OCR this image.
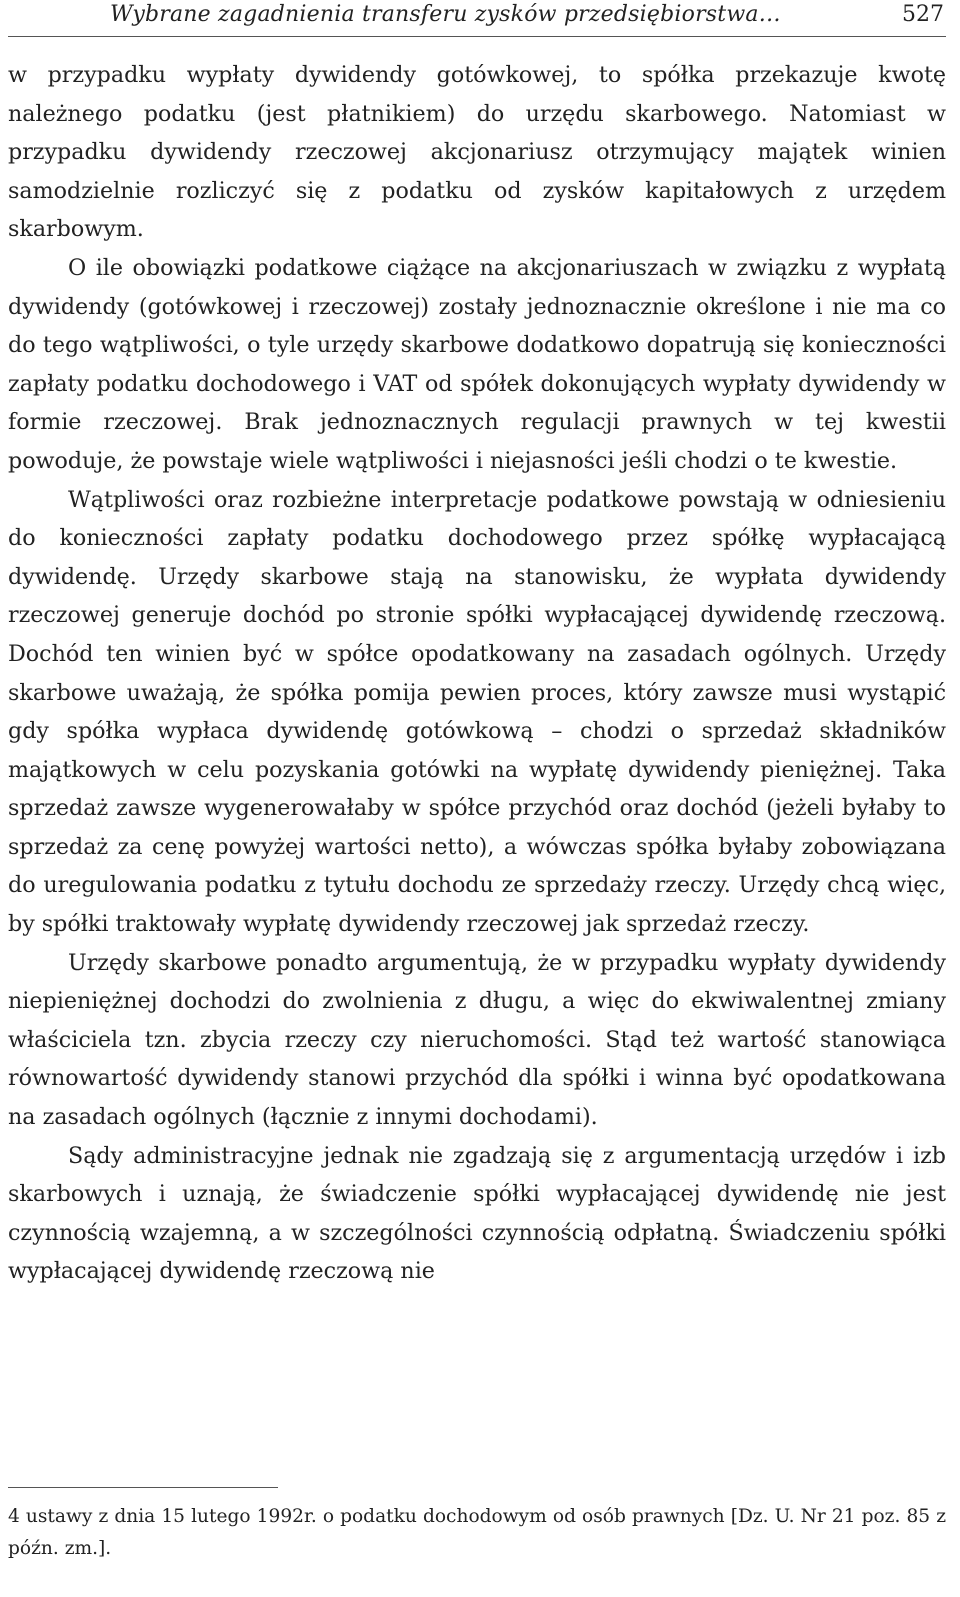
Wybrane zagadnienia transferu zysków przedsiębiorstwa…	527

w przypadku wypłaty dywidendy gotówkowej, to spółka przekazuje kwotę należnego podatku (jest płatnikiem) do urzędu skarbowego. Natomiast w przypadku dywidendy rzeczowej akcjonariusz otrzymujący majątek winien samodzielnie rozliczyć się z podatku od zysków kapitałowych z urzędem skarbowym.

O ile obowiązki podatkowe ciążące na akcjonariuszach w związku z wypłatą dywidendy (gotówkowej i rzeczowej) zostały jednoznacznie określone i nie ma co do tego wątpliwości, o tyle urzędy skarbowe dodatkowo dopatrują się konieczności zapłaty podatku dochodowego i VAT od spółek dokonujących wypłaty dywidendy w formie rzeczowej. Brak jednoznacznych regulacji prawnych w tej kwestii powoduje, że powstaje wiele wątpliwości i niejasności jeśli chodzi o te kwestie.

Wątpliwości oraz rozbieżne interpretacje podatkowe powstają w odniesieniu do konieczności zapłaty podatku dochodowego przez spółkę wypłacającą dywidendę. Urzędy skarbowe stają na stanowisku, że wypłata dywidendy rzeczowej generuje dochód po stronie spółki wypłacającej dywidendę rzeczową. Dochód ten winien być w spółce opodatkowany na zasadach ogólnych. Urzędy skarbowe uważają, że spółka pomija pewien proces, który zawsze musi wystąpić gdy spółka wypłaca dywidendę gotówkową – chodzi o sprzedaż składników majątkowych w celu pozyskania gotówki na wypłatę dywidendy pieniężnej. Taka sprzedaż zawsze wygenerowałaby w spółce przychód oraz dochód (jeżeli byłaby to sprzedaż za cenę powyżej wartości netto), a wówczas spółka byłaby zobowiązana do uregulowania podatku z tytułu dochodu ze sprzedaży rzeczy. Urzędy chcą więc, by spółki traktowały wypłatę dywidendy rzeczowej jak sprzedaż rzeczy.

Urzędy skarbowe ponadto argumentują, że w przypadku wypłaty dywidendy niepieniężnej dochodzi do zwolnienia z długu, a więc do ekwiwalentnej zmiany właściciela tzn. zbycia rzeczy czy nieruchomości. Stąd też wartość stanowiąca równowartość dywidendy stanowi przychód dla spółki i winna być opodatkowana na zasadach ogólnych (łącznie z innymi dochodami).

Sądy administracyjne jednak nie zgadzają się z argumentacją urzędów i izb skarbowych i uznają, że świadczenie spółki wypłacającej dywidendę nie jest czynnością wzajemną, a w szczególności czynnością odpłatną. Świadczeniu spółki wypłacającej dywidendę rzeczową nie

4 ustawy z dnia 15 lutego 1992r. o podatku dochodowym od osób prawnych [Dz. U. Nr 21 poz. 85 z późn. zm.].
